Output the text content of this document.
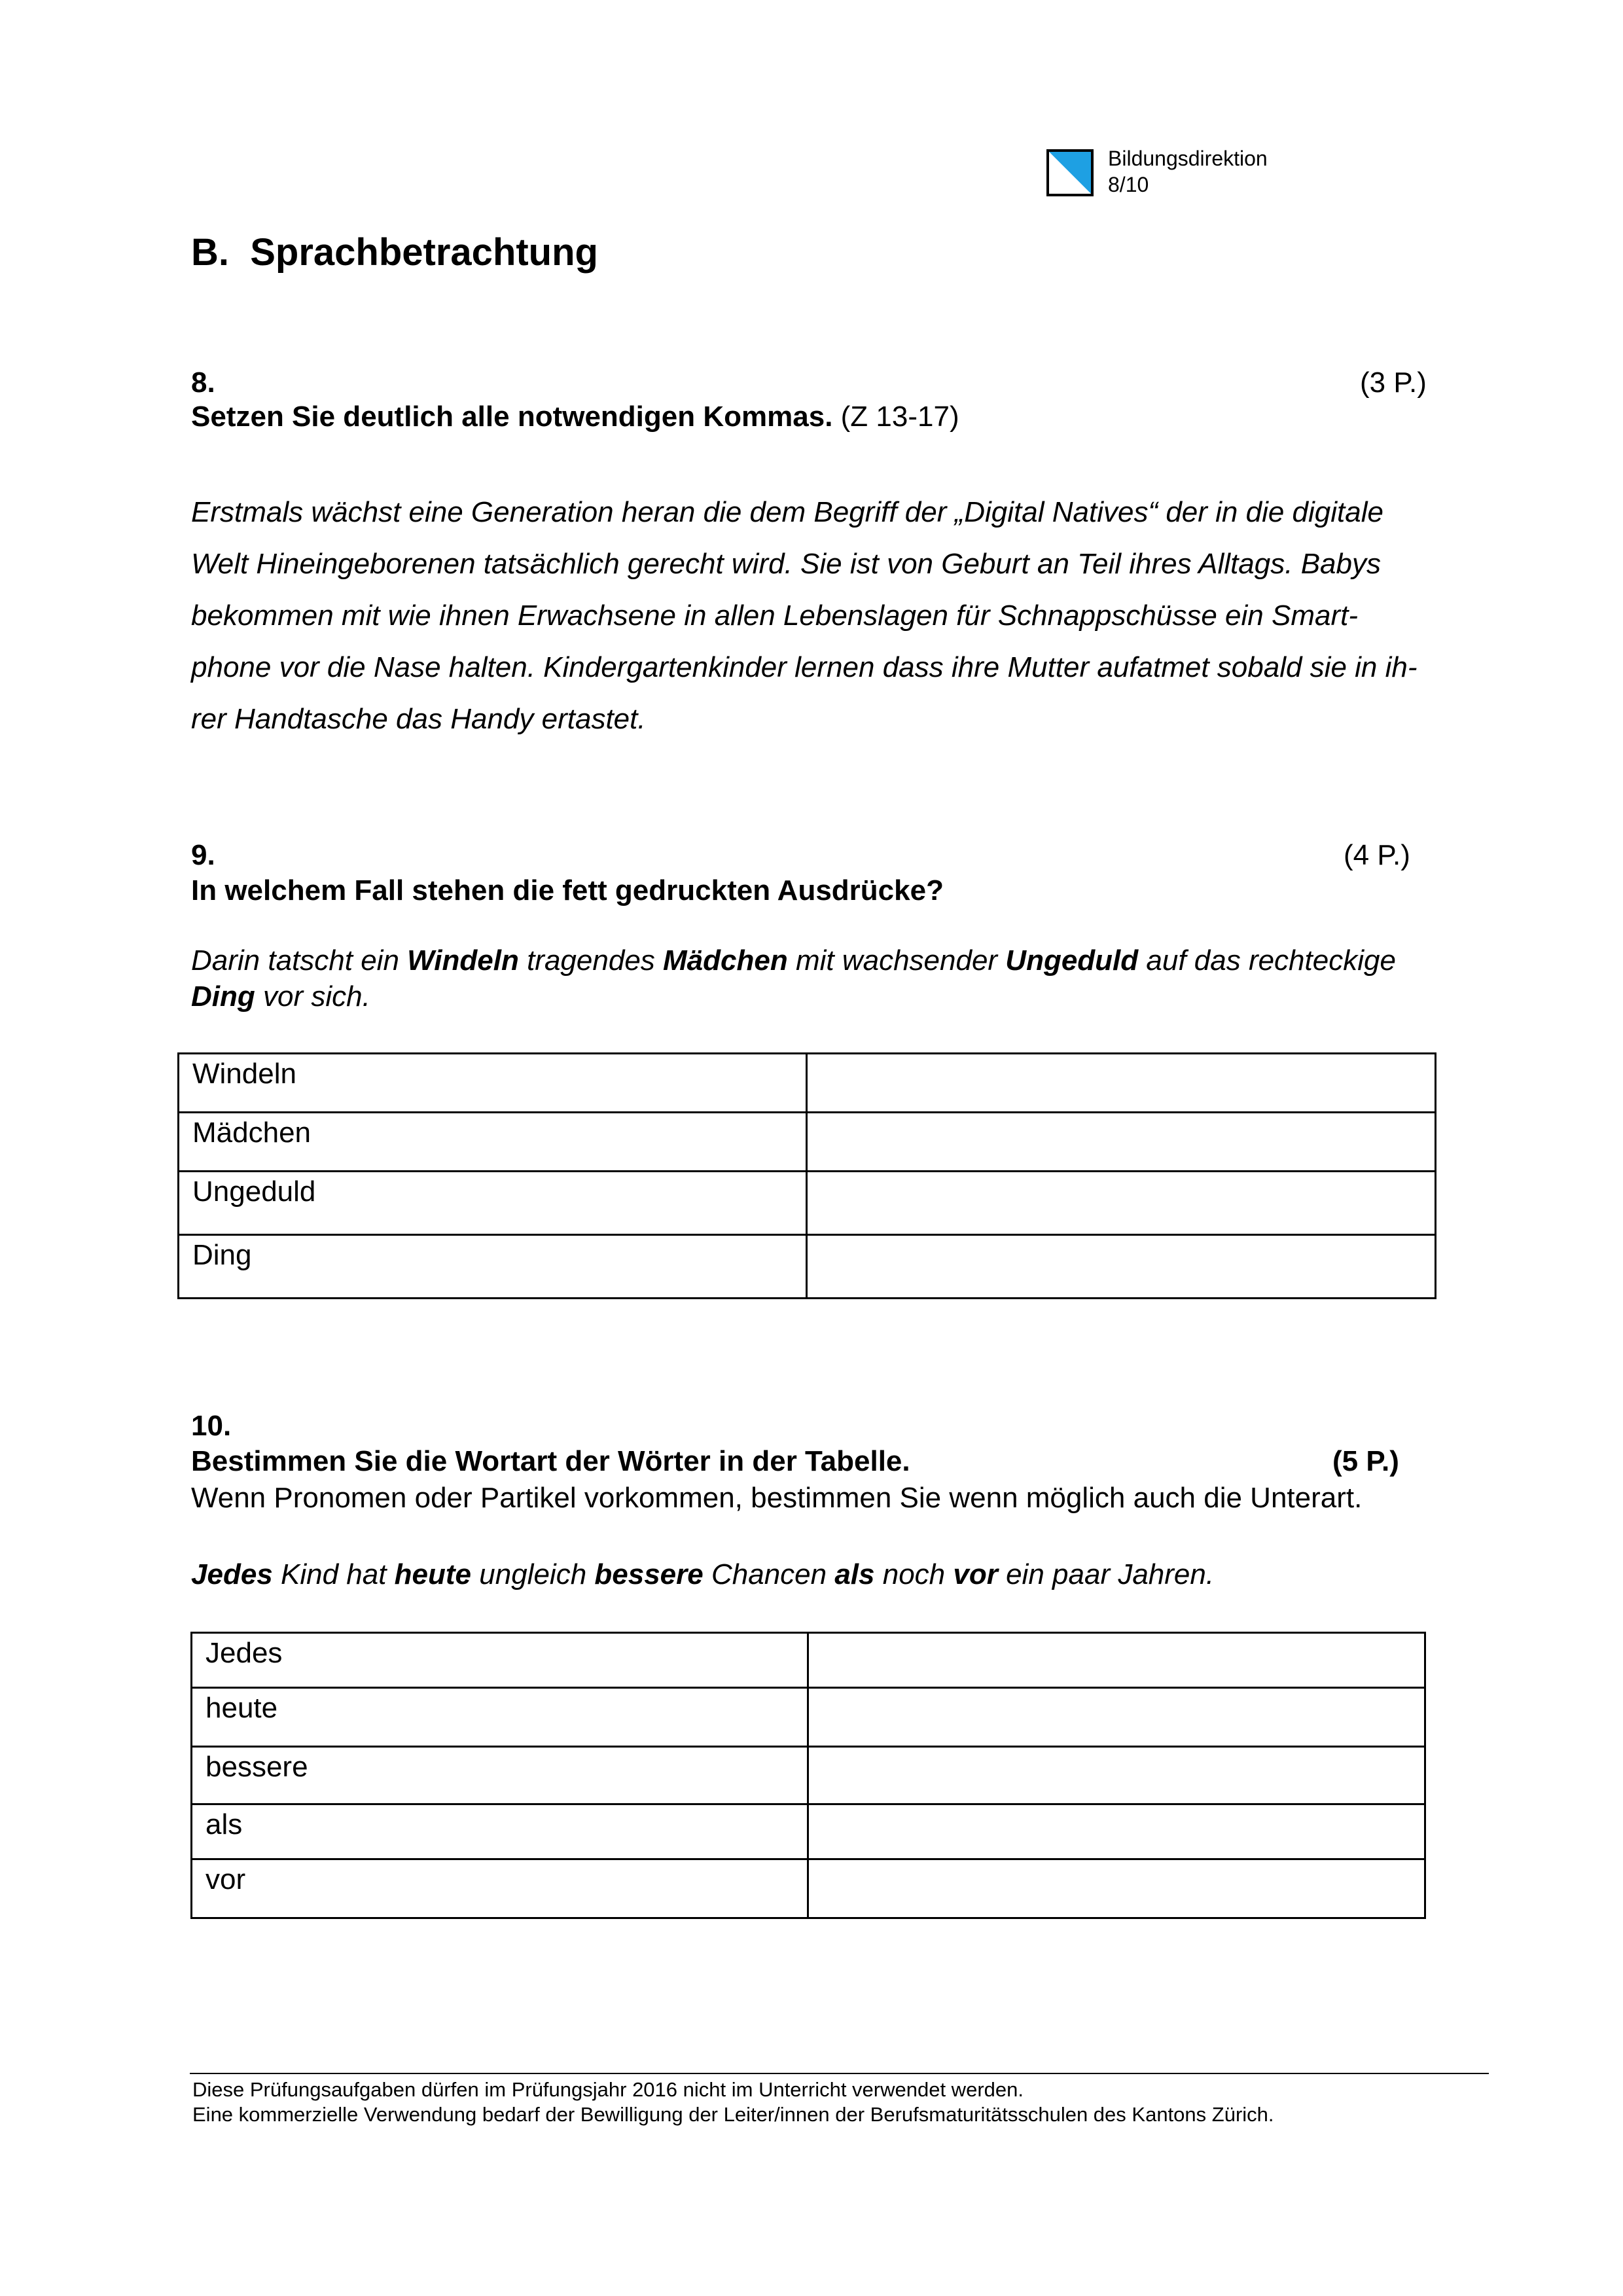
Bildungsdirektion
8/10
B.  Sprachbetrachtung
8.	(3 P.)
Setzen Sie deutlich alle notwendigen Kommas. (Z 13-17)
Erstmals wächst eine Generation heran die dem Begriff der „Digital Natives“ der in die digitale
Welt Hineingeborenen tatsächlich gerecht wird. Sie ist von Geburt an Teil ihres Alltags. Babys
bekommen mit wie ihnen Erwachsene in allen Lebenslagen für Schnappschüsse ein Smart-
phone vor die Nase halten. Kindergartenkinder lernen dass ihre Mutter aufatmet sobald sie in ih-
rer Handtasche das Handy ertastet.
9.	(4 P.)
In welchem Fall stehen die fett gedruckten Ausdrücke?
Darin tatscht ein Windeln tragendes Mädchen mit wachsender Ungeduld auf das rechteckige
Ding vor sich.
Windeln	
Mädchen	
Ungeduld	
Ding	
10.
Bestimmen Sie die Wortart der Wörter in der Tabelle.	(5 P.)
Wenn Pronomen oder Partikel vorkommen, bestimmen Sie wenn möglich auch die Unterart.
Jedes Kind hat heute ungleich bessere Chancen als noch vor ein paar Jahren.
Jedes	
heute	
bessere	
als	
vor	
Diese Prüfungsaufgaben dürfen im Prüfungsjahr 2016 nicht im Unterricht verwendet werden.
Eine kommerzielle Verwendung bedarf der Bewilligung der Leiter/innen der Berufsmaturitätsschulen des Kantons Zürich.
